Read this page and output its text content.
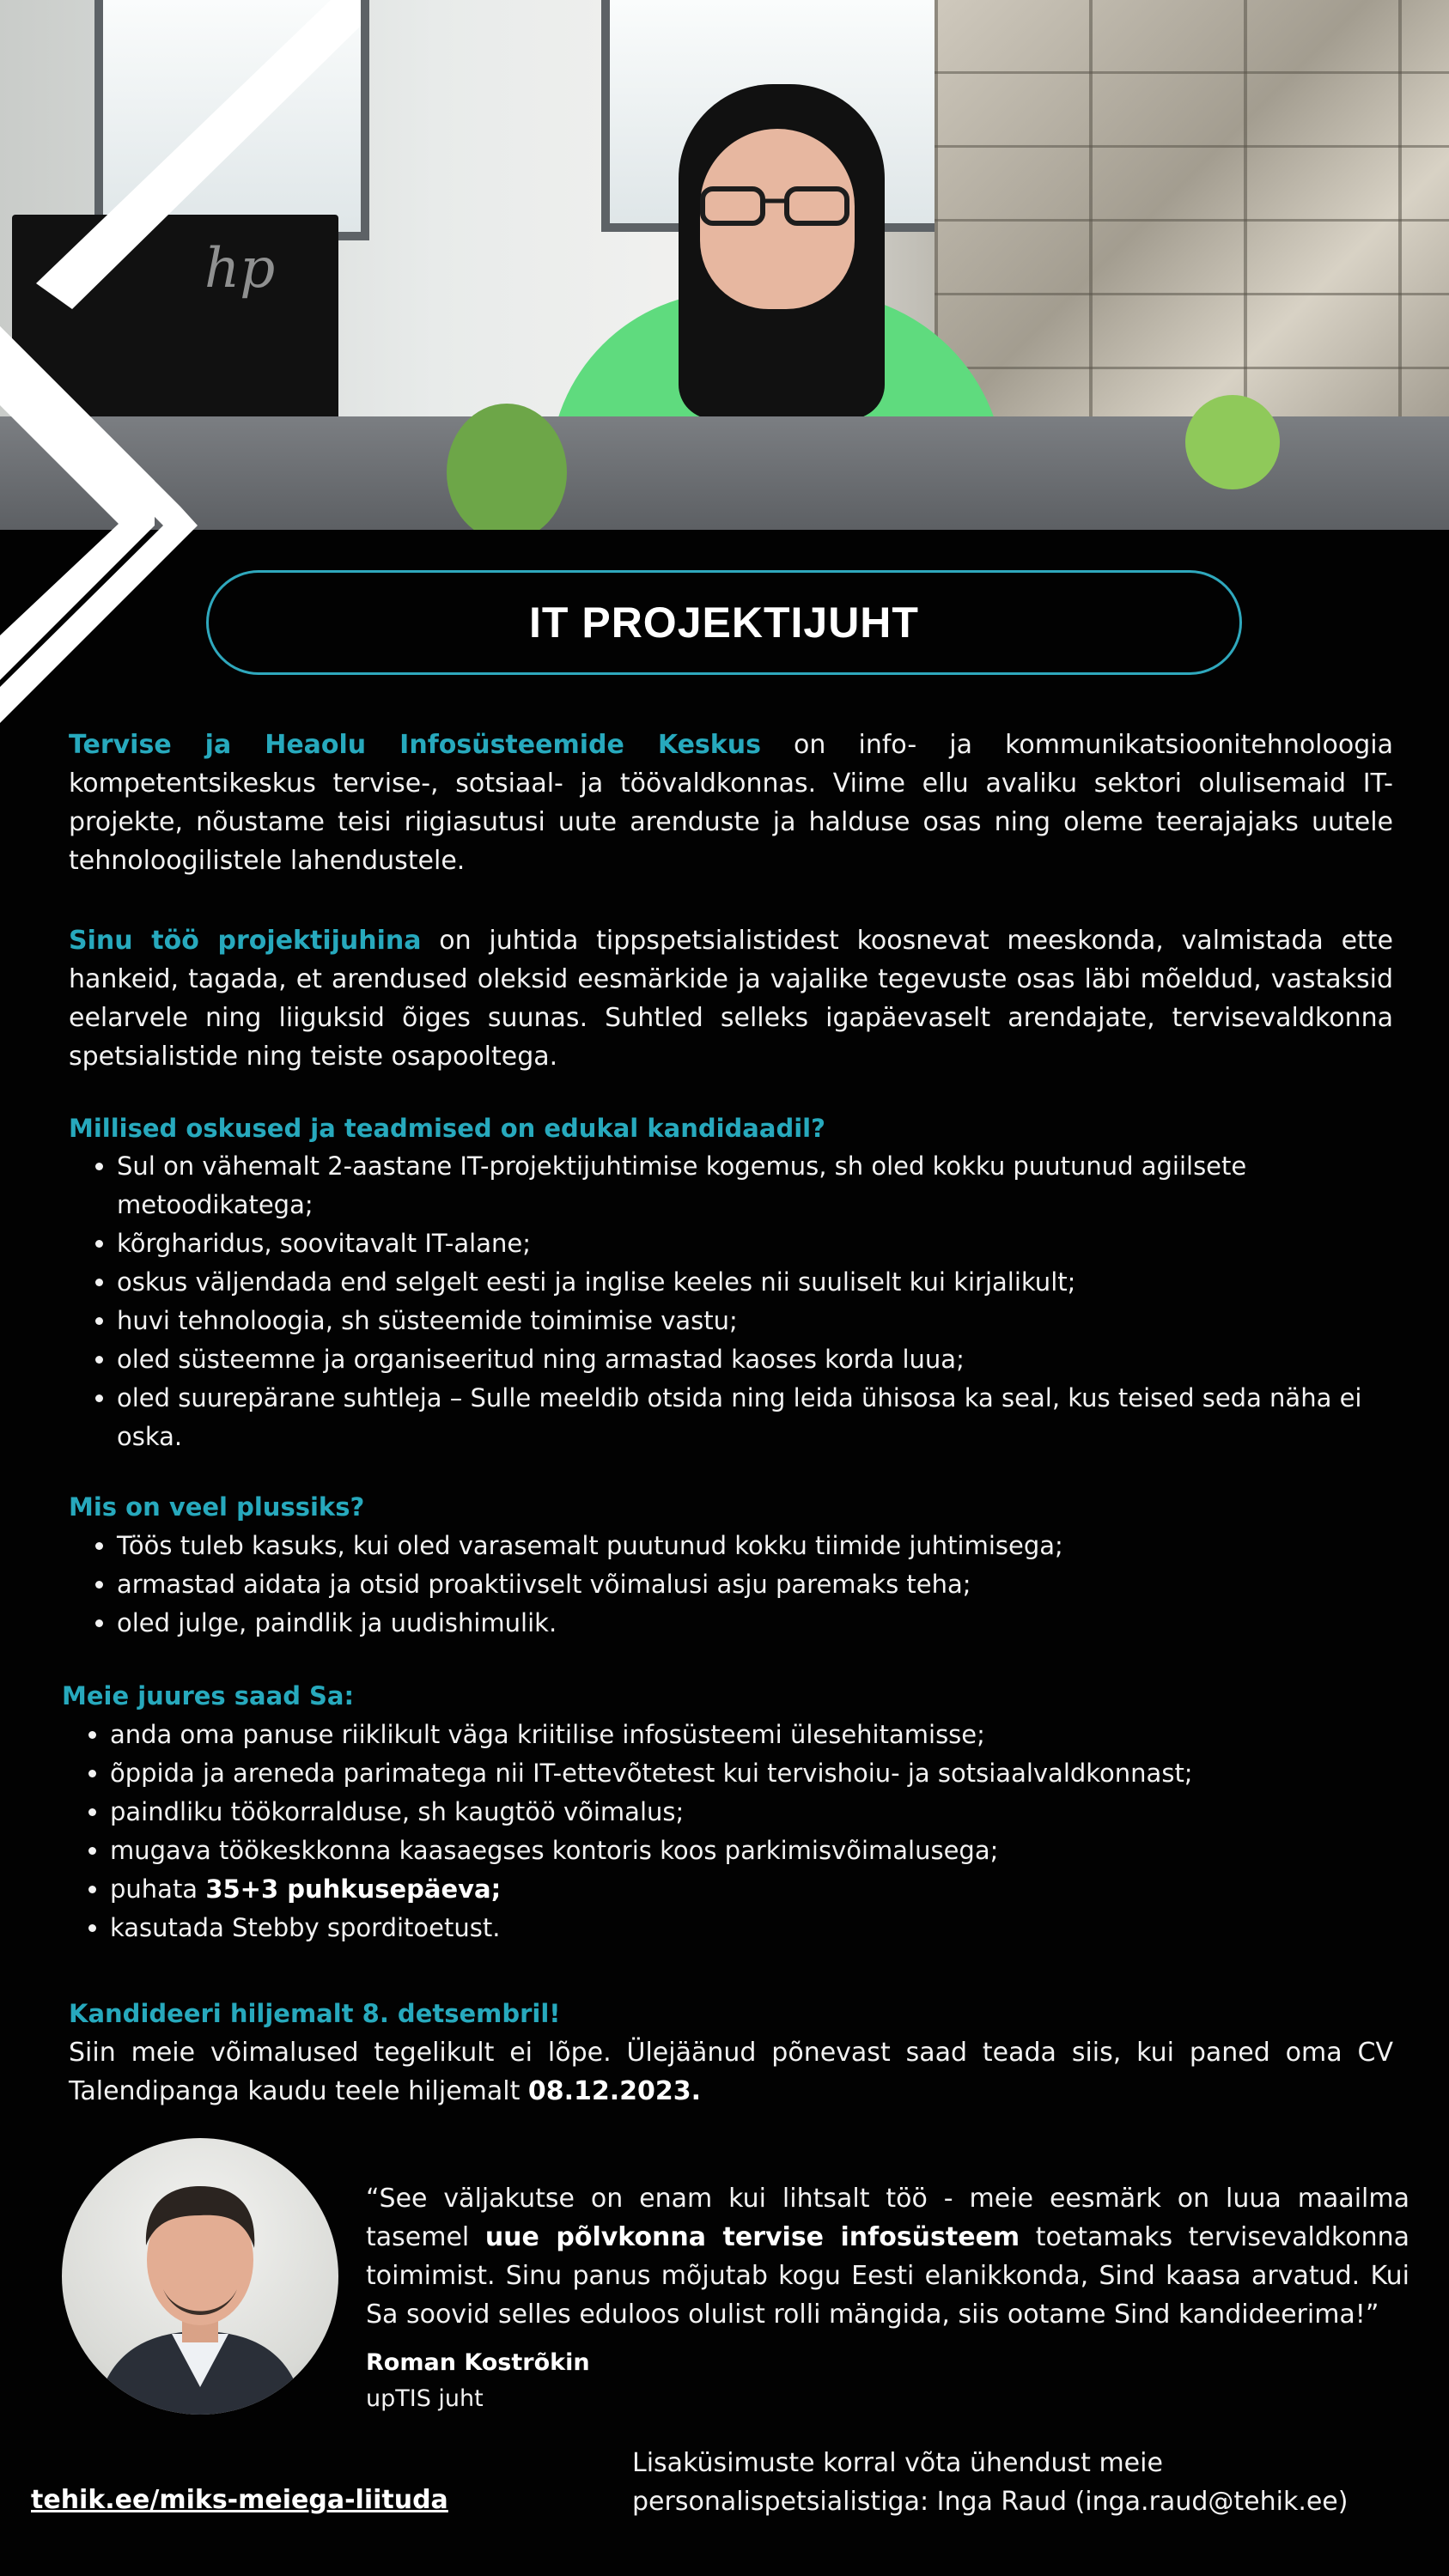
hp
IT PROJEKTIJUHT

Tervise ja Heaolu Infosüsteemide Keskus on info- ja kommunikatsioonitehnoloogia kompetentsikeskus tervise-, sotsiaal- ja töövaldkonnas. Viime ellu avaliku sektori olulisemaid IT-projekte, nõustame teisi riigiasutusi uute arenduste ja halduse osas ning oleme teerajajaks uutele tehnoloogilistele lahendustele.

Sinu töö projektijuhina on juhtida tippspetsialistidest koosnevat meeskonda, valmistada ette hankeid, tagada, et arendused oleksid eesmärkide ja vajalike tegevuste osas läbi mõeldud, vastaksid eelarvele ning liiguksid õiges suunas. Suhtled selleks igapäevaselt arendajate, tervisevaldkonna spetsialistide ning teiste osapooltega.

Millised oskused ja teadmised on edukal kandidaadil?
• Sul on vähemalt 2-aastane IT-projektijuhtimise kogemus, sh oled kokku puutunud agiilsete metoodikatega;
• kõrgharidus, soovitavalt IT-alane;
• oskus väljendada end selgelt eesti ja inglise keeles nii suuliselt kui kirjalikult;
• huvi tehnoloogia, sh süsteemide toimimise vastu;
• oled süsteemne ja organiseeritud ning armastad kaoses korda luua;
• oled suurepärane suhtleja – Sulle meeldib otsida ning leida ühisosa ka seal, kus teised seda näha ei oska.
Mis on veel plussiks?
• Töös tuleb kasuks, kui oled varasemalt puutunud kokku tiimide juhtimisega;
• armastad aidata ja otsid proaktiivselt võimalusi asju paremaks teha;
• oled julge, paindlik ja uudishimulik.
Meie juures saad Sa:
• anda oma panuse riiklikult väga kriitilise infosüsteemi ülesehitamisse;
• õppida ja areneda parimatega nii IT-ettevõtetest kui tervishoiu- ja sotsiaalvaldkonnast;
• paindliku töökorralduse, sh kaugtöö võimalus;
• mugava töökeskkonna kaasaegses kontoris koos parkimisvõimalusega;
• puhata 35+3 puhkusepäeva;
• kasutada Stebby sporditoetust.
Kandideeri hiljemalt 8. detsembril!

Siin meie võimalused tegelikult ei lõpe. Ülejäänud põnevast saad teada siis, kui paned oma CV Talendipanga kaudu teele hiljemalt 08.12.2023.

“See väljakutse on enam kui lihtsalt töö - meie eesmärk on luua maailma tasemel uue põlvkonna tervise infosüsteem toetamaks tervisevaldkonna toimimist. Sinu panus mõjutab kogu Eesti elanikkonda, Sind kaasa arvatud. Kui Sa soovid selles eduloos olulist rolli mängida, siis ootame Sind kandideerima!”

Roman Kostrõkin
upTIS juht
tehik.ee/miks-meiega-liituda

Lisaküsimuste korral võta ühendust meie personalispetsialistiga: Inga Raud (inga.raud@tehik.ee)
